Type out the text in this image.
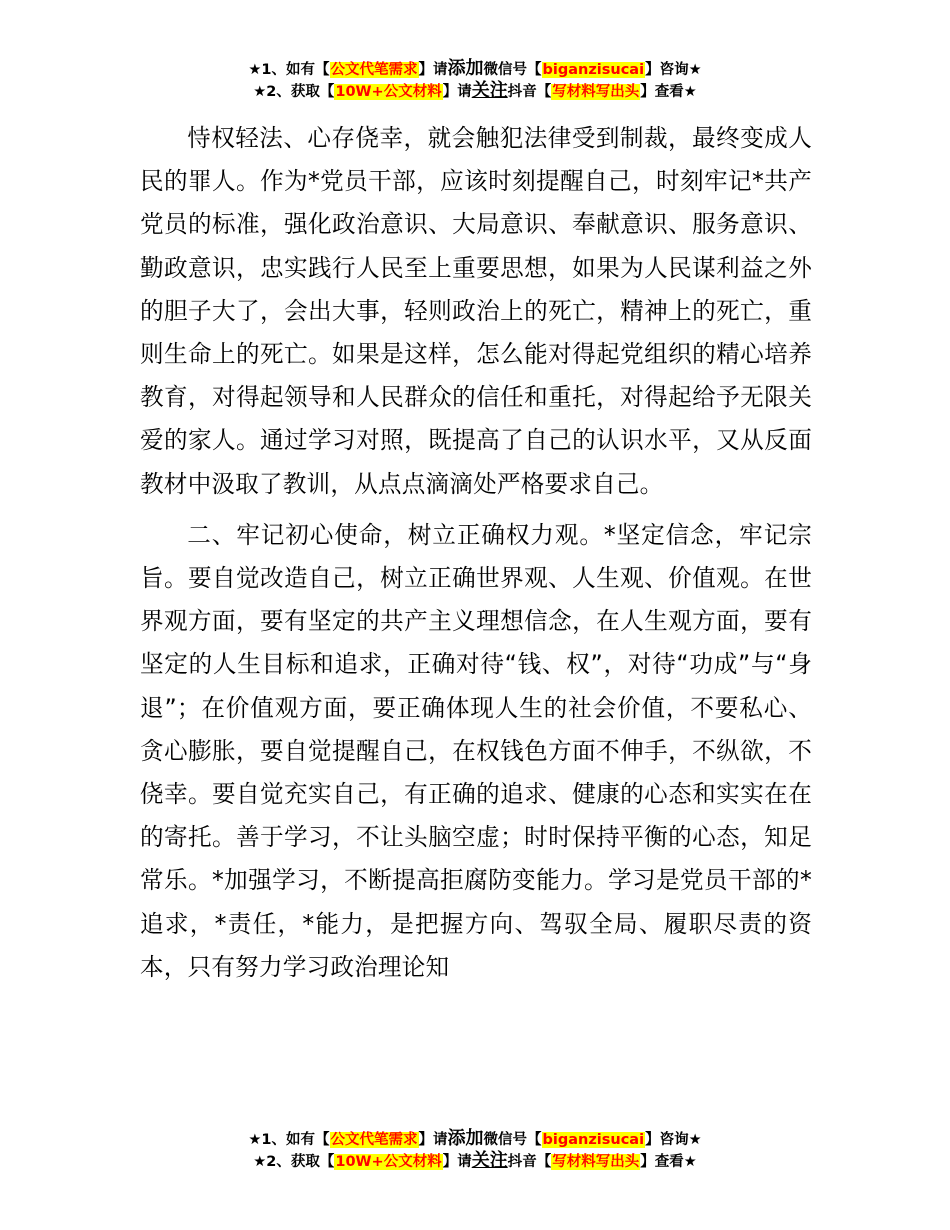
★1、如有【公文代笔需求】请添加微信号【biganzisucai】咨询★
★2、获取【10W+公文材料】请关注抖音【写材料写出头】查看★

恃权轻法、心存侥幸，就会触犯法律受到制裁，最终变成人民的罪人。作为*党员干部，应该时刻提醒自己，时刻牢记*共产党员的标准，强化政治意识、大局意识、奉献意识、服务意识、勤政意识，忠实践行人民至上重要思想，如果为人民谋利益之外的胆子大了，会出大事，轻则政治上的死亡，精神上的死亡，重则生命上的死亡。如果是这样，怎么能对得起党组织的精心培养教育，对得起领导和人民群众的信任和重托，对得起给予无限关爱的家人。通过学习对照，既提高了自己的认识水平，又从反面教材中汲取了教训，从点点滴滴处严格要求自己。

二、牢记初心使命，树立正确权力观。*坚定信念，牢记宗旨。要自觉改造自己，树立正确世界观、人生观、价值观。在世界观方面，要有坚定的共产主义理想信念，在人生观方面，要有坚定的人生目标和追求，正确对待“钱、权”，对待“功成”与“身退”；在价值观方面，要正确体现人生的社会价值，不要私心、贪心膨胀，要自觉提醒自己，在权钱色方面不伸手，不纵欲，不侥幸。要自觉充实自己，有正确的追求、健康的心态和实实在在的寄托。善于学习，不让头脑空虚；时时保持平衡的心态，知足常乐。*加强学习，不断提高拒腐防变能力。学习是党员干部的*追求，*责任，*能力，是把握方向、驾驭全局、履职尽责的资本，只有努力学习政治理论知

★1、如有【公文代笔需求】请添加微信号【biganzisucai】咨询★
★2、获取【10W+公文材料】请关注抖音【写材料写出头】查看★
